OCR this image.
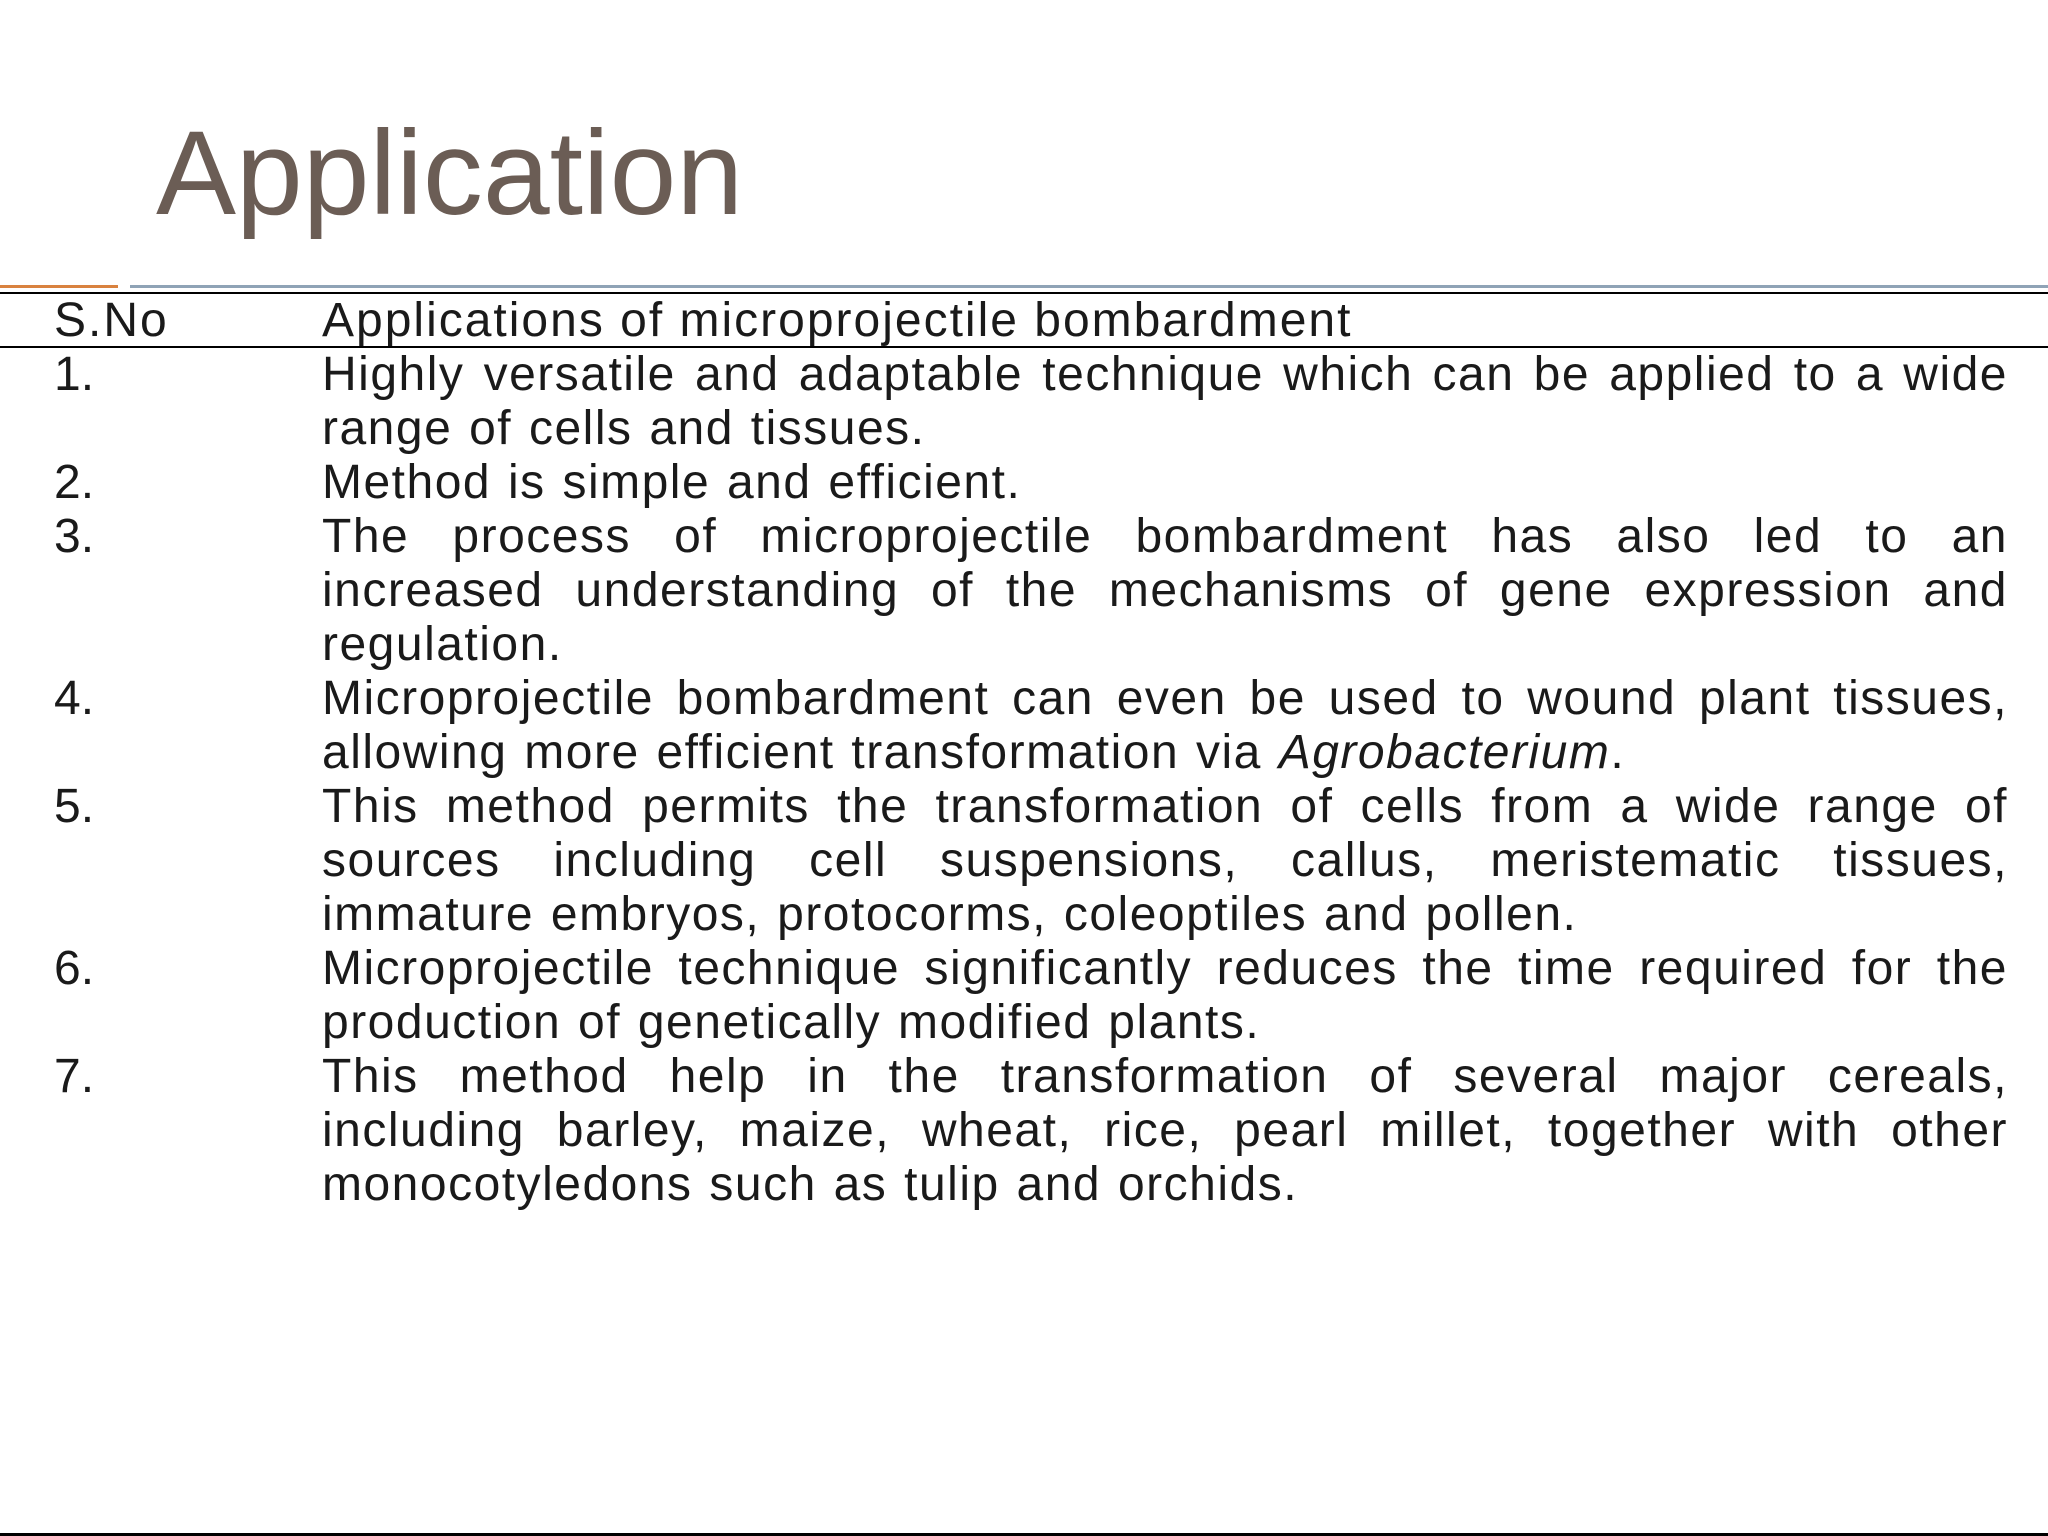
Application
S.No	Applications of microprojectile bombardment
1.	Highly versatile and adaptable technique which can be applied to a wide range of cells and tissues.
2.	Method is simple and efficient.
3.	The process of microprojectile bombardment has also led to an increased understanding of the mechanisms of gene expression and regulation.
4.	Microprojectile bombardment can even be used to wound plant tissues, allowing more efficient transformation via Agrobacterium.
5.	This method permits the transformation of cells from a wide range of sources including cell suspensions, callus, meristematic tissues, immature embryos, protocorms, coleoptiles and pollen.
6.	Microprojectile technique significantly reduces the time required for the production of genetically modified plants.
7.	This method help in the transformation of several major cereals, including barley, maize, wheat, rice, pearl millet, together with other monocotyledons such as tulip and orchids.
